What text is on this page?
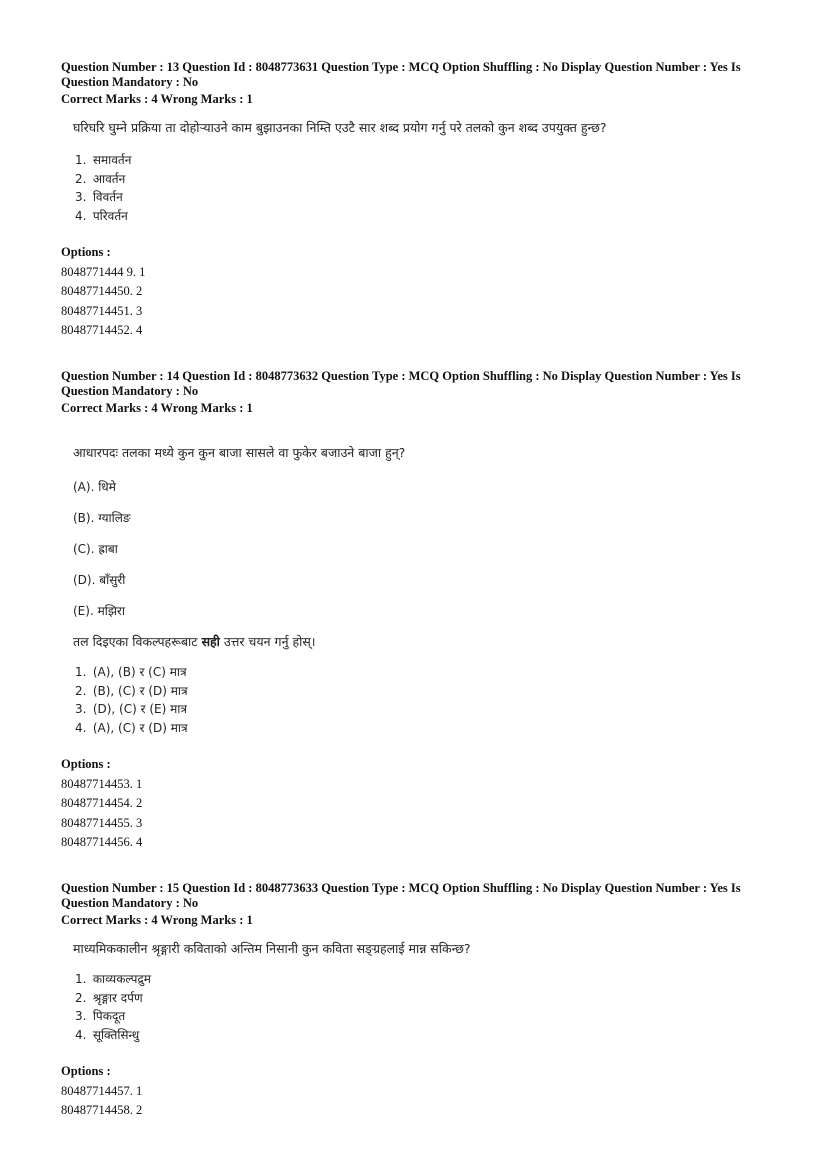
Question Number : 13 Question Id : 8048773631 Question Type : MCQ Option Shuffling : No Display Question Number : Yes Is Question Mandatory : No
Correct Marks : 4 Wrong Marks : 1
घरिघरि घुम्ने प्रक्रिया ता दोहोऱ्याउने काम बुझाउनका निम्ति एउटै सार शब्द प्रयोग गर्नु परे तलको कुन शब्द उपयुक्त हुन्छ?
1. समावर्तन
2. आवर्तन
3. विवर्तन
4. परिवर्तन
Options :
8048771444 9. 1
80487714450. 2
80487714451. 3
80487714452. 4
Question Number : 14 Question Id : 8048773632 Question Type : MCQ Option Shuffling : No Display Question Number : Yes Is Question Mandatory : No
Correct Marks : 4 Wrong Marks : 1
आधारपदः तलका मध्ये कुन कुन बाजा सासले वा फुकेर बजाउने बाजा हुन्?
(A). धिमे
(B). ग्यालिङ
(C). ह्राबा
(D). बाँसुरी
(E). मझिरा
तल दिइएका विकल्पहरूबाट सही उत्तर चयन गर्नु होस्।
1. (A), (B) र (C) मात्र
2. (B), (C) र (D) मात्र
3. (D), (C) र (E) मात्र
4. (A), (C) र (D) मात्र
Options :
80487714453. 1
80487714454. 2
80487714455. 3
80487714456. 4
Question Number : 15 Question Id : 8048773633 Question Type : MCQ Option Shuffling : No Display Question Number : Yes Is Question Mandatory : No
Correct Marks : 4 Wrong Marks : 1
माध्यमिककालीन श्रृङ्गारी कविताको अन्तिम निसानी कुन कविता सङ्ग्रहलाई मान्न सकिन्छ?
1. काव्यकल्पद्रुम
2. श्रृङ्गार दर्पण
3. पिकदूत
4. सूक्तिसिन्धु
Options :
80487714457. 1
80487714458. 2
